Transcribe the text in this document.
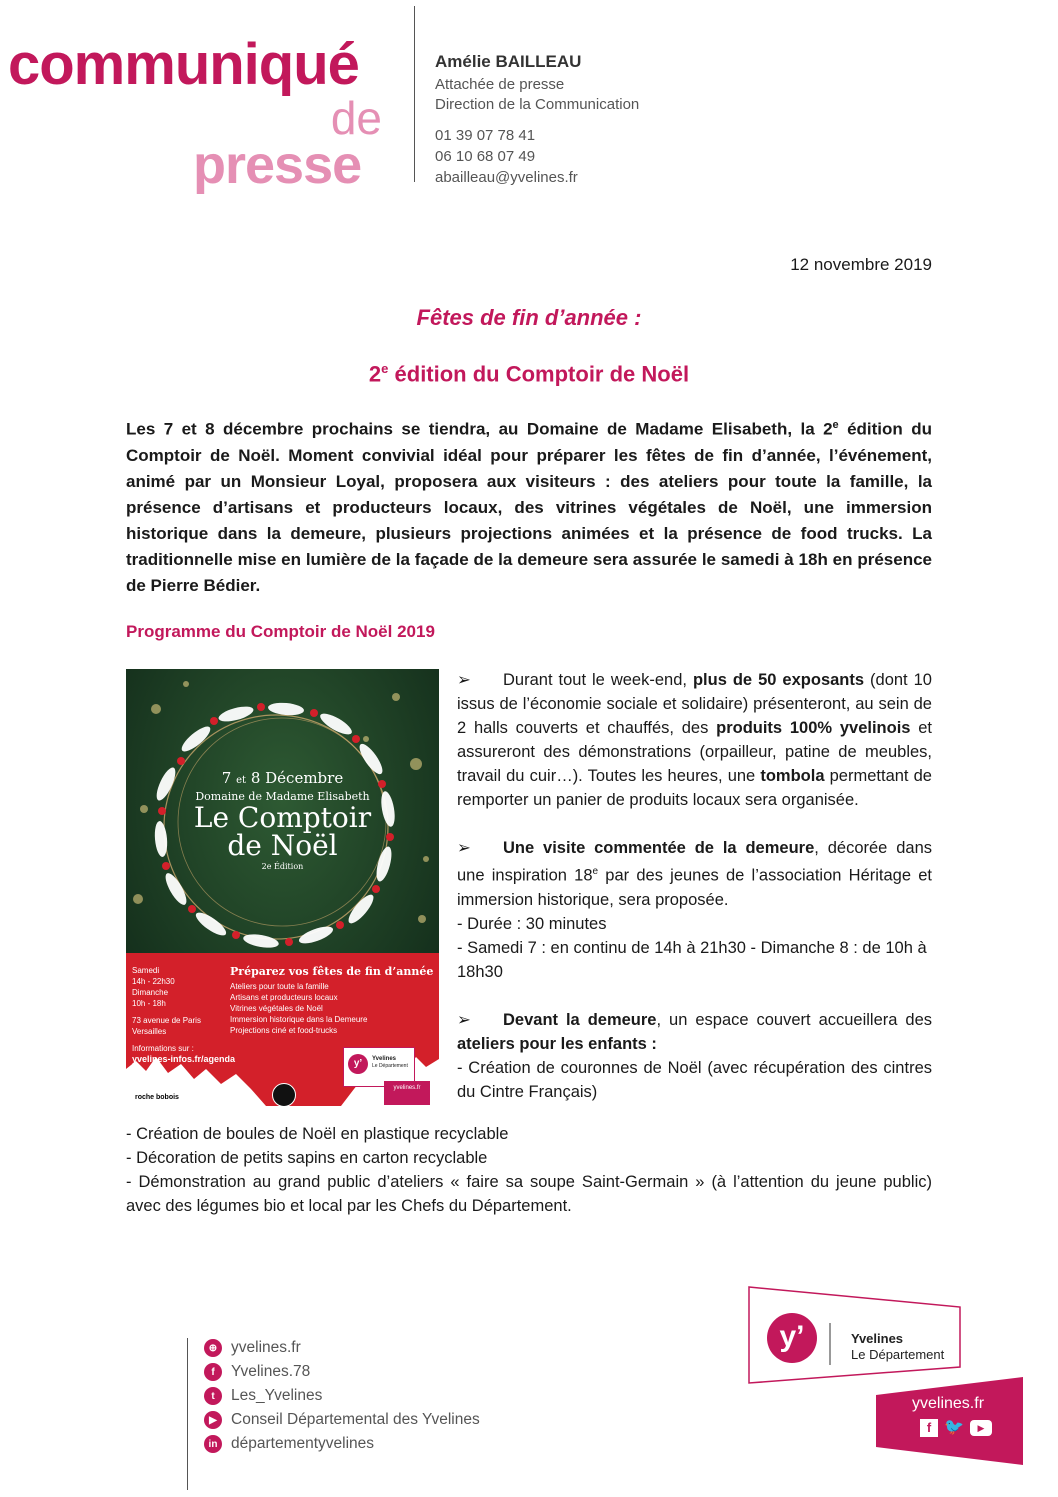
communiqué
de
presse
Amélie BAILLEAU
Attachée de presse
Direction de la Communication
01 39 07 78 41
06 10 68 07 49
abailleau@yvelines.fr
12 novembre 2019
Fêtes de fin d’année :
2e édition du Comptoir de Noël
Les 7 et 8 décembre prochains se tiendra, au Domaine de Madame Elisabeth, la 2e édition du Comptoir de Noël. Moment convivial idéal pour préparer les fêtes de fin d’année, l’événement, animé par un Monsieur Loyal, proposera aux visiteurs : des ateliers pour toute la famille, la présence d’artisans et producteurs locaux, des vitrines végétales de Noël, une immersion historique dans la demeure, plusieurs projections animées et la présence de food trucks. La traditionnelle mise en lumière de la façade de la demeure sera assurée le samedi à 18h en présence de Pierre Bédier.
Programme du Comptoir de Noël 2019
7 et 8 Décembre
Domaine de Madame Elisabeth
Le Comptoir
de Noël
2e Édition
Samedi
14h - 22h30
Dimanche
10h - 18h
73 avenue de Paris
Versailles
Préparez vos fêtes de fin d’année
Ateliers pour toute la famille
Artisans et producteurs locaux
Vitrines végétales de Noël
Immersion historique dans la Demeure
Projections ciné et food-trucks
Informations sur :
yvelines-infos.fr/agenda
roche bobois
y’	Yvelines
Le Département
yvelines.fr
➢ Durant tout le week-end, plus de 50 exposants (dont 10 issus de l’économie sociale et solidaire) présenteront, au sein de 2 halls couverts et chauffés, des produits 100% yvelinois et assureront des démonstrations (orpailleur, patine de meubles, travail du cuir…). Toutes les heures, une tombola permettant de remporter un panier de produits locaux sera organisée.
➢ Une visite commentée de la demeure, décorée dans une inspiration 18e par des jeunes de l’association Héritage et immersion historique, sera proposée.
- Durée : 30 minutes
- Samedi 7 : en continu de 14h à 21h30 - Dimanche 8 : de 10h à 18h30
➢ Devant la demeure, un espace couvert accueillera des ateliers pour les enfants :
- Création de couronnes de Noël (avec récupération des cintres du Cintre Français)
- Création de boules de Noël en plastique recyclable
- Décoration de petits sapins en carton recyclable
- Démonstration au grand public d’ateliers « faire sa soupe Saint-Germain » (à l’attention du jeune public) avec des légumes bio et local par les Chefs du Département.
⊕ yvelines.fr
f	Yvelines.78
t	Les_Yvelines
▶ Conseil Départemental des Yvelines
in départementyvelines
y’	Yvelines
Le Département
yvelines.fr
f 🐦	▶
